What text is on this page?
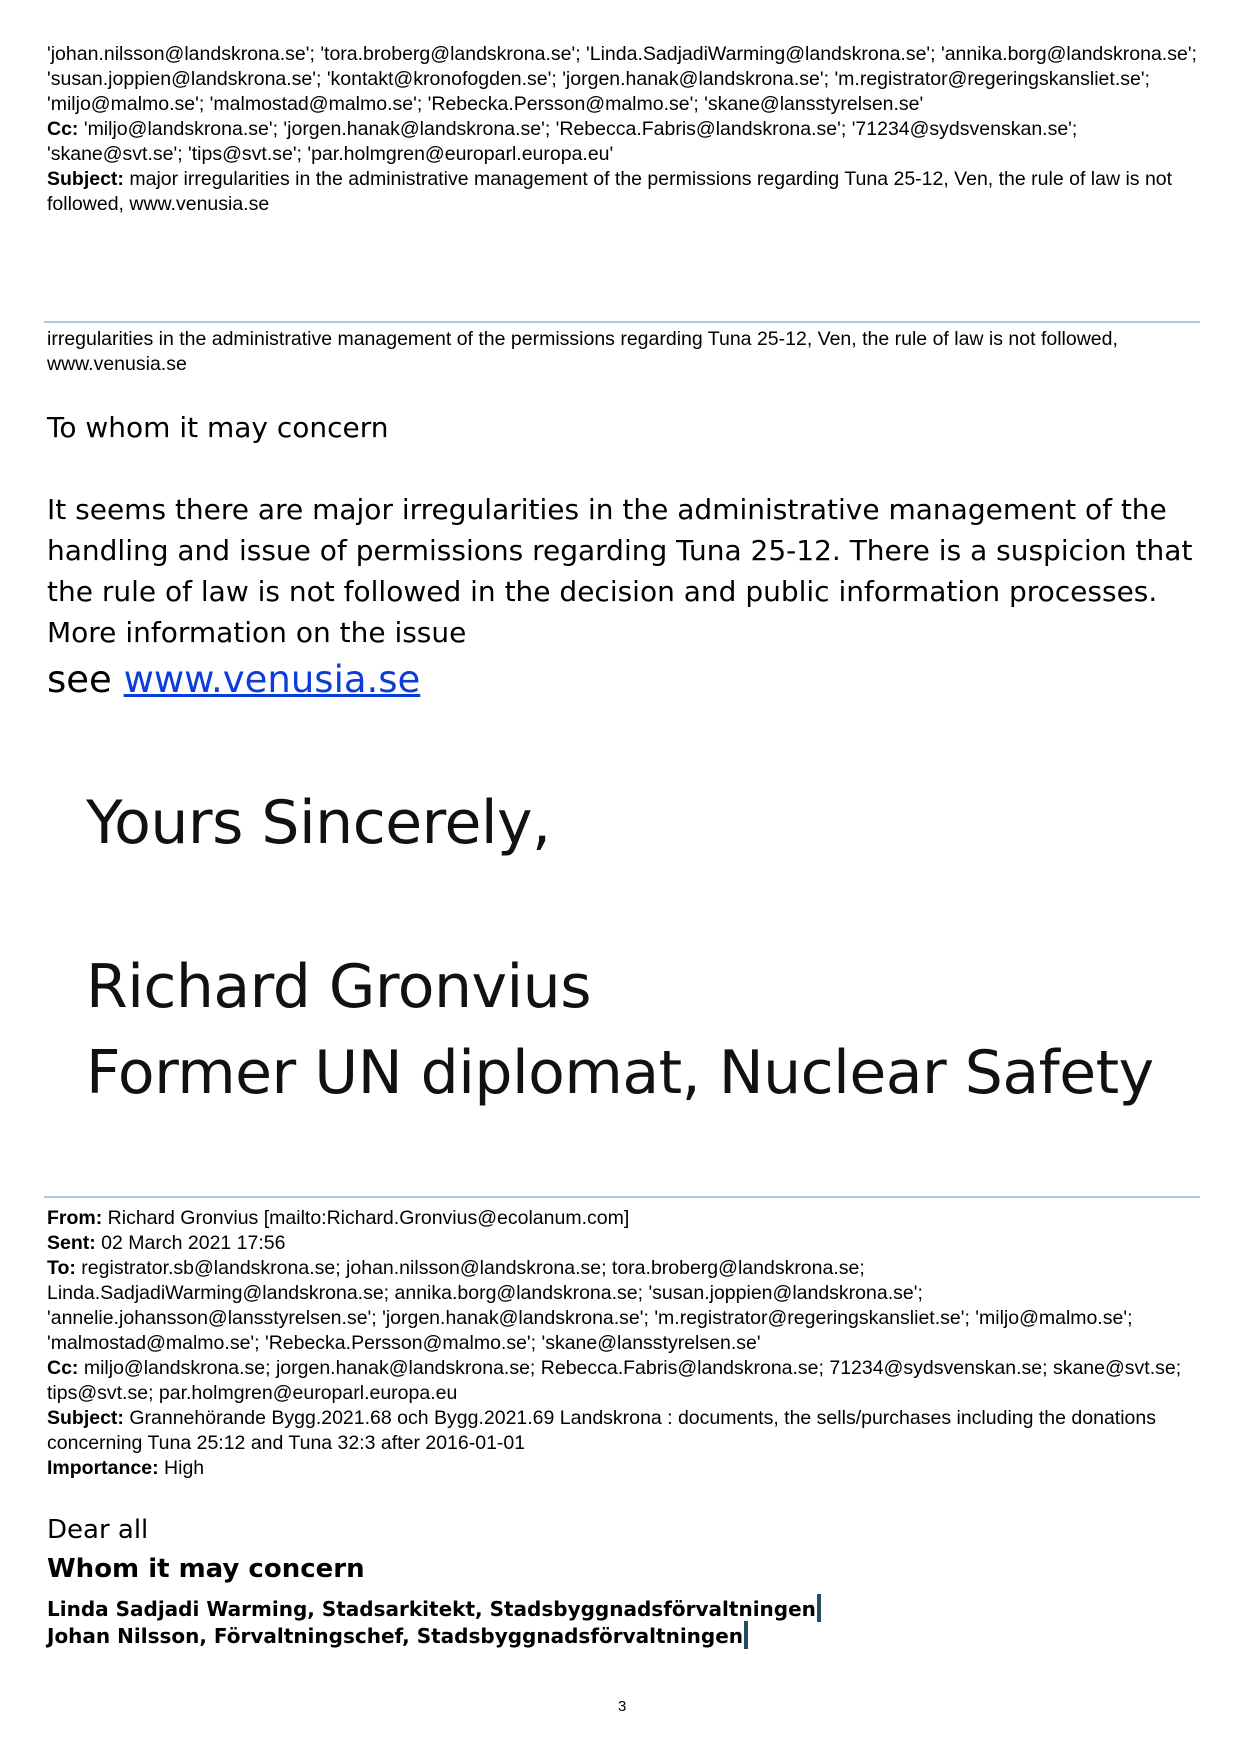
'johan.nilsson@landskrona.se'; 'tora.broberg@landskrona.se'; 'Linda.SadjadiWarming@landskrona.se'; 'annika.borg@landskrona.se'; 'susan.joppien@landskrona.se'; 'kontakt@kronofogden.se'; 'jorgen.hanak@landskrona.se'; 'm.registrator@regeringskansliet.se'; 'miljo@malmo.se'; 'malmostad@malmo.se'; 'Rebecka.Persson@malmo.se'; 'skane@lansstyrelsen.se'
Cc: 'miljo@landskrona.se'; 'jorgen.hanak@landskrona.se'; 'Rebecca.Fabris@landskrona.se'; '71234@sydsvenskan.se'; 'skane@svt.se'; 'tips@svt.se'; 'par.holmgren@europarl.europa.eu'
Subject: major irregularities in the administrative management of the permissions regarding Tuna 25-12, Ven, the rule of law is not followed, www.venusia.se
irregularities in the administrative management of the permissions regarding Tuna 25-12, Ven, the rule of law is not followed, www.venusia.se
To whom it may concern
It seems there are major irregularities in the administrative management of the handling and issue of permissions regarding Tuna 25-12. There is a suspicion that the rule of law is not followed in the decision and public information processes. More information on the issue
see www.venusia.se
Yours Sincerely,
Richard Gronvius
Former UN diplomat, Nuclear Safety
From: Richard Gronvius [mailto:Richard.Gronvius@ecolanum.com]
Sent: 02 March 2021 17:56
To: registrator.sb@landskrona.se; johan.nilsson@landskrona.se; tora.broberg@landskrona.se; Linda.SadjadiWarming@landskrona.se; annika.borg@landskrona.se; 'susan.joppien@landskrona.se'; 'annelie.johansson@lansstyrelsen.se'; 'jorgen.hanak@landskrona.se'; 'm.registrator@regeringskansliet.se'; 'miljo@malmo.se'; 'malmostad@malmo.se'; 'Rebecka.Persson@malmo.se'; 'skane@lansstyrelsen.se'
Cc: miljo@landskrona.se; jorgen.hanak@landskrona.se; Rebecca.Fabris@landskrona.se; 71234@sydsvenskan.se; skane@svt.se; tips@svt.se; par.holmgren@europarl.europa.eu
Subject: Grannehörande Bygg.2021.68 och Bygg.2021.69 Landskrona : documents, the sells/purchases including the donations concerning Tuna 25:12 and Tuna 32:3 after 2016-01-01
Importance: High
Dear all
Whom it may concern
Linda Sadjadi Warming, Stadsarkitekt, Stadsbyggnadsförvaltningen
Johan Nilsson, Förvaltningschef, Stadsbyggnadsförvaltningen
3
